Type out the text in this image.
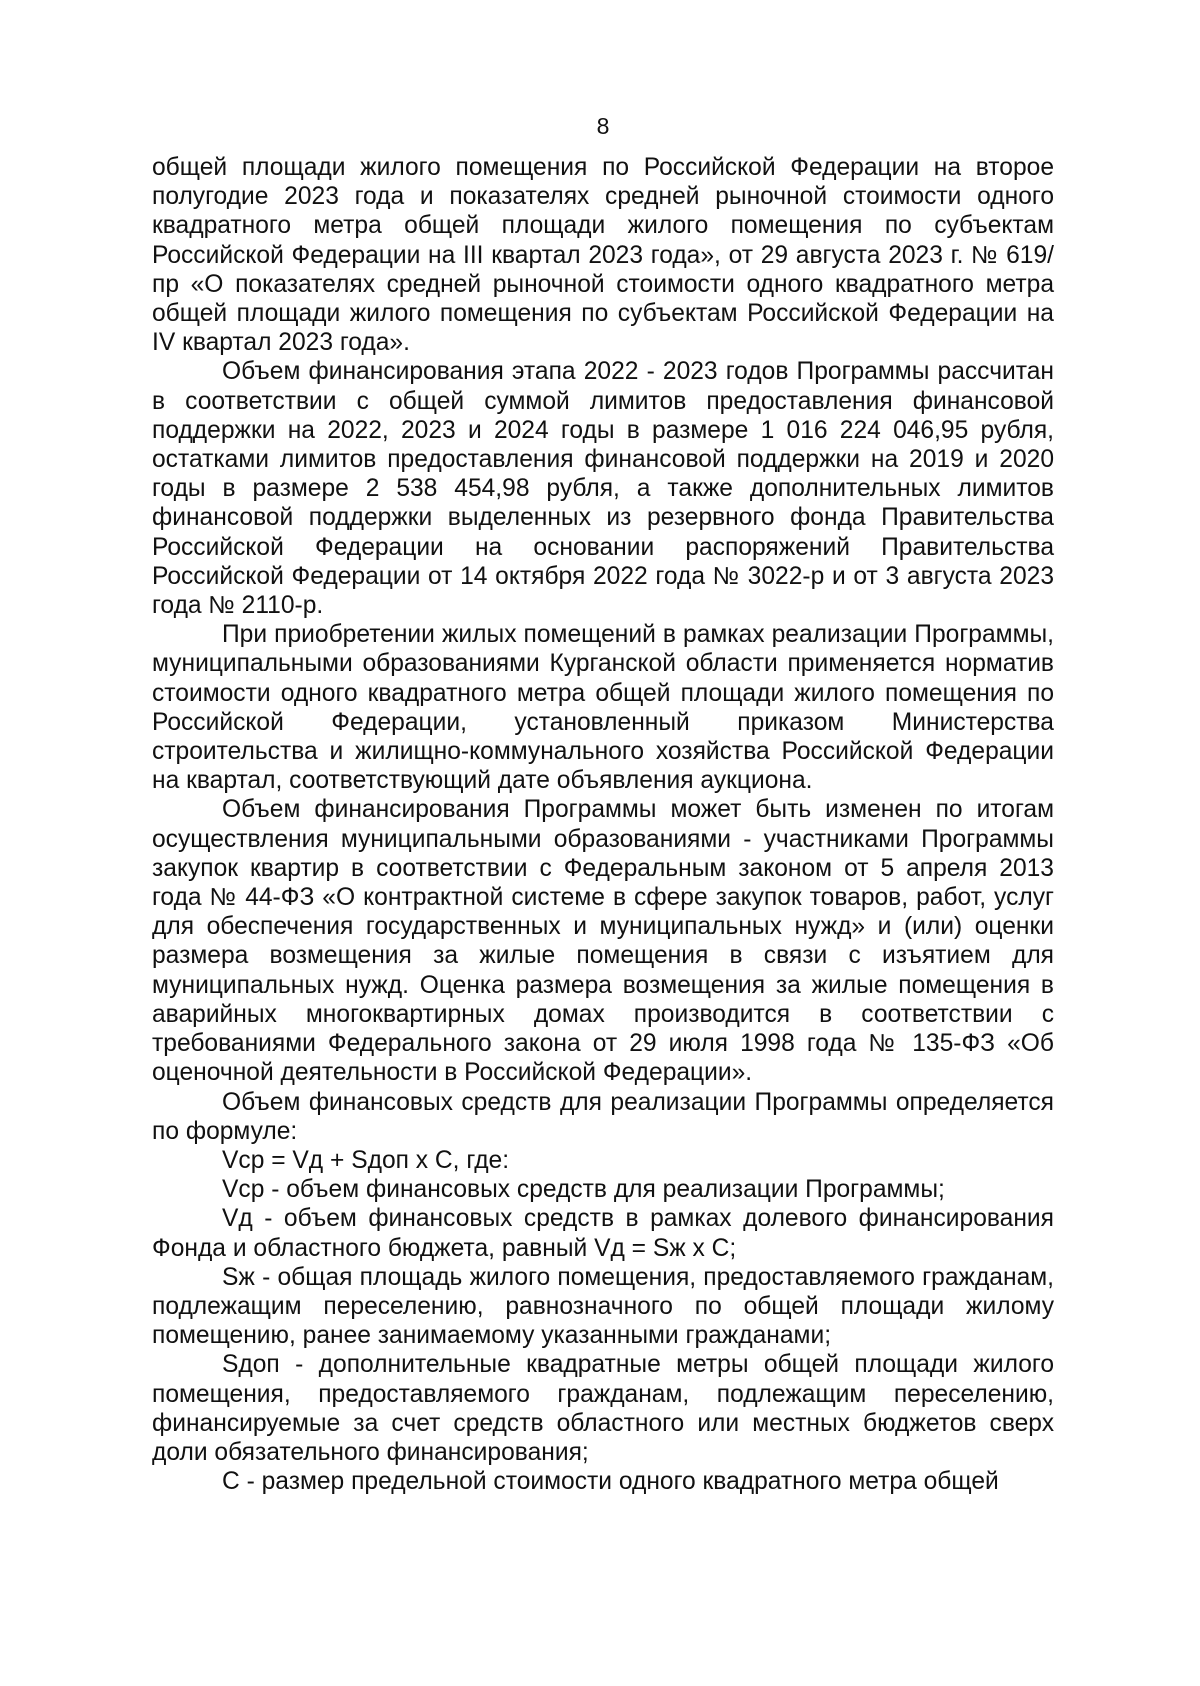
8

общей площади жилого помещения по Российской Федерации на второе полугодие 2023 года и показателях средней рыночной стоимости одного квадратного метра общей площади жилого помещения по субъектам Российской Федерации на III квартал 2023 года», от 29 августа 2023 г. № 619/пр «О показателях средней рыночной стоимости одного квадратного метра общей площади жилого помещения по субъектам Российской Федерации на IV квартал 2023 года».

Объем финансирования этапа 2022 - 2023 годов Программы рассчитан в соответствии с общей суммой лимитов предоставления финансовой поддержки на 2022, 2023 и 2024 годы в размере 1 016 224 046,95 рубля, остатками лимитов предоставления финансовой поддержки на 2019 и 2020 годы в размере 2 538 454,98 рубля, а также дополнительных лимитов финансовой поддержки выделенных из резервного фонда Правительства Российской Федерации на основании распоряжений Правительства Российской Федерации от 14 октября 2022 года № 3022-р и от 3 августа 2023 года № 2110-р.

При приобретении жилых помещений в рамках реализации Программы, муниципальными образованиями Курганской области применяется норматив стоимости одного квадратного метра общей площади жилого помещения по Российской Федерации, установленный приказом Министерства строительства и жилищно-коммунального хозяйства Российской Федерации на квартал, соответствующий дате объявления аукциона.

Объем финансирования Программы может быть изменен по итогам осуществления муниципальными образованиями - участниками Программы закупок квартир в соответствии с Федеральным законом от 5 апреля 2013 года № 44-ФЗ «О контрактной системе в сфере закупок товаров, работ, услуг для обеспечения государственных и муниципальных нужд» и (или) оценки размера возмещения за жилые помещения в связи с изъятием для муниципальных нужд. Оценка размера возмещения за жилые помещения в аварийных многоквартирных домах производится в соответствии с требованиями Федерального закона от 29 июля 1998 года № 135-ФЗ «Об оценочной деятельности в Российской Федерации».

Объем финансовых средств для реализации Программы определяется по формуле:

Vср = Vд + Sдоп x С, где:

Vср - объем финансовых средств для реализации Программы;

Vд - объем финансовых средств в рамках долевого финансирования Фонда и областного бюджета, равный Vд = Sж x С;

Sж - общая площадь жилого помещения, предоставляемого гражданам, подлежащим переселению, равнозначного по общей площади жилому помещению, ранее занимаемому указанными гражданами;

Sдоп - дополнительные квадратные метры общей площади жилого помещения, предоставляемого гражданам, подлежащим переселению, финансируемые за счет средств областного или местных бюджетов сверх доли обязательного финансирования;

С - размер предельной стоимости одного квадратного метра общей
